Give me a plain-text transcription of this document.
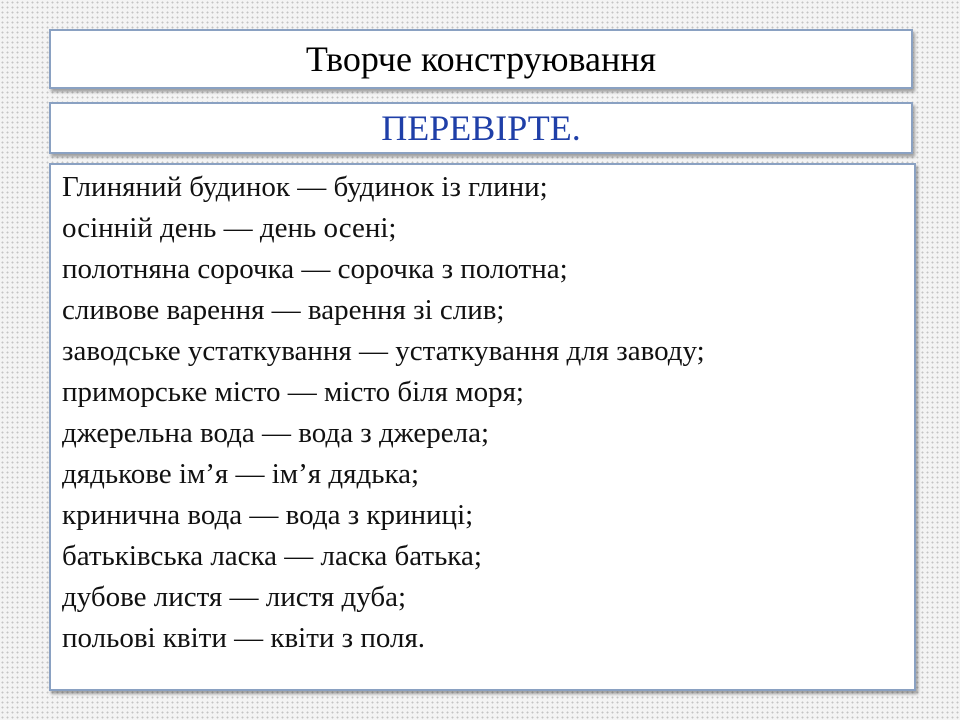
Творче конструювання
ПЕРЕВІРТЕ.
Глиняний будинок — будинок із глини;
осінній день — день осені;
полотняна сорочка — сорочка з полотна;
сливове варення — варення зі слив;
заводське устаткування — устаткування для заводу;
приморське місто — місто біля моря;
джерельна вода — вода з джерела;
дядькове ім’я — ім’я дядька;
кринична вода — вода з криниці;
батьківська ласка — ласка батька;
дубове листя — листя дуба;
польові квіти — квіти з поля.
